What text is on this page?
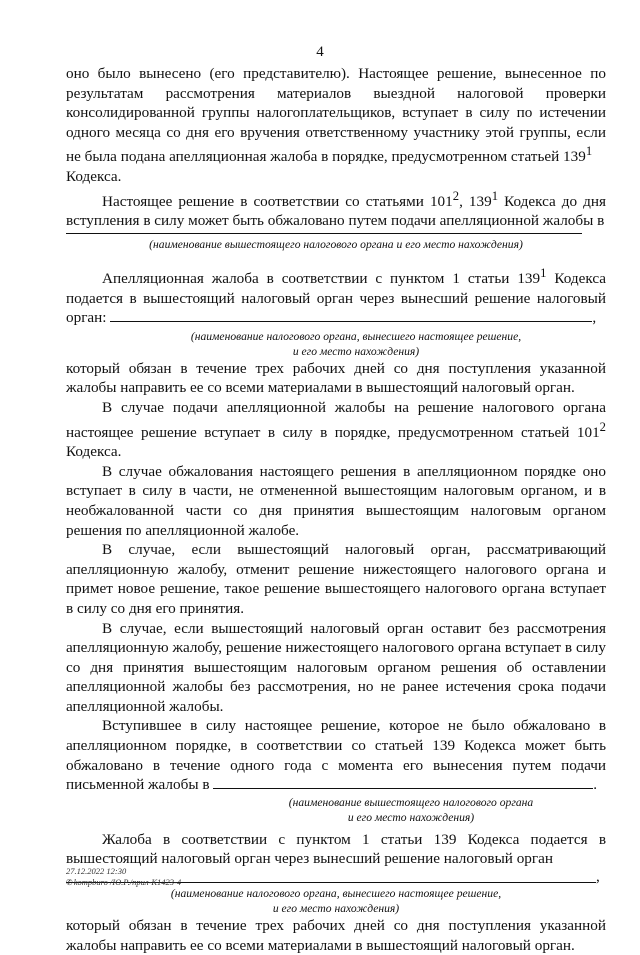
4

оно было вынесено (его представителю). Настоящее решение, вынесенное по результатам рассмотрения материалов выездной налоговой проверки консолидированной группы налогоплательщиков, вступает в силу по истечении одного месяца со дня его вручения ответственному участнику этой группы, если не была подана апелляционная жалоба в порядке, предусмотренном статьей $139^1$
Кодекса.

Настоящее решение в соответствии со статьями $101^2$, $139^1$ Кодекса до дня вступления в силу может быть обжаловано путем подачи апелляционной жалобы в

(наименование вышестоящего налогового органа и его место нахождения)

Апелляционная жалоба в соответствии с пунктом 1 статьи $139^1$ Кодекса подается в вышестоящий налоговый орган через вынесший решение налоговый орган:	,

(наименование налогового органа, вынесшего настоящее решение,

и его место нахождения)

который обязан в течение трех рабочих дней со дня поступления указанной жалобы направить ее со всеми материалами в вышестоящий налоговый орган.

В случае подачи апелляционной жалобы на решение налогового органа настоящее решение вступает в силу в порядке, предусмотренном статьей $101^2$ Кодекса.

В случае обжалования настоящего решения в апелляционном порядке оно вступает в силу в части, не отмененной вышестоящим налоговым органом, и в необжалованной части со дня принятия вышестоящим налоговым органом решения по апелляционной жалобе.

В случае, если вышестоящий налоговый орган, рассматривающий апелляционную жалобу, отменит решение нижестоящего налогового органа и примет новое решение, такое решение вышестоящего налогового органа вступает в силу со дня его принятия.

В случае, если вышестоящий налоговый орган оставит без рассмотрения апелляционную жалобу, решение нижестоящего налогового органа вступает в силу со дня принятия вышестоящим налоговым органом решения об оставлении апелляционной жалобы без рассмотрения, но не ранее истечения срока подачи апелляционной жалобы.

Вступившее в силу настоящее решение, которое не было обжаловано в апелляционном порядке, в соответствии со статьей 139 Кодекса может быть обжаловано в течение одного года с момента его вынесения путем подачи письменной жалобы в	.

(наименование вышестоящего налогового органа

и его место нахождения)

Жалоба в соответствии с пунктом 1 статьи 139 Кодекса подается в вышестоящий налоговый орган через вынесший решение налоговый орган

,

(наименование налогового органа, вынесшего настоящее решение,

и его место нахождения)

который обязан в течение трех рабочих дней со дня поступления указанной жалобы направить ее со всеми материалами в вышестоящий налоговый орган.

27.12.2022 12:30
✆kompburo /Ю.Р./прил-К1423-4
